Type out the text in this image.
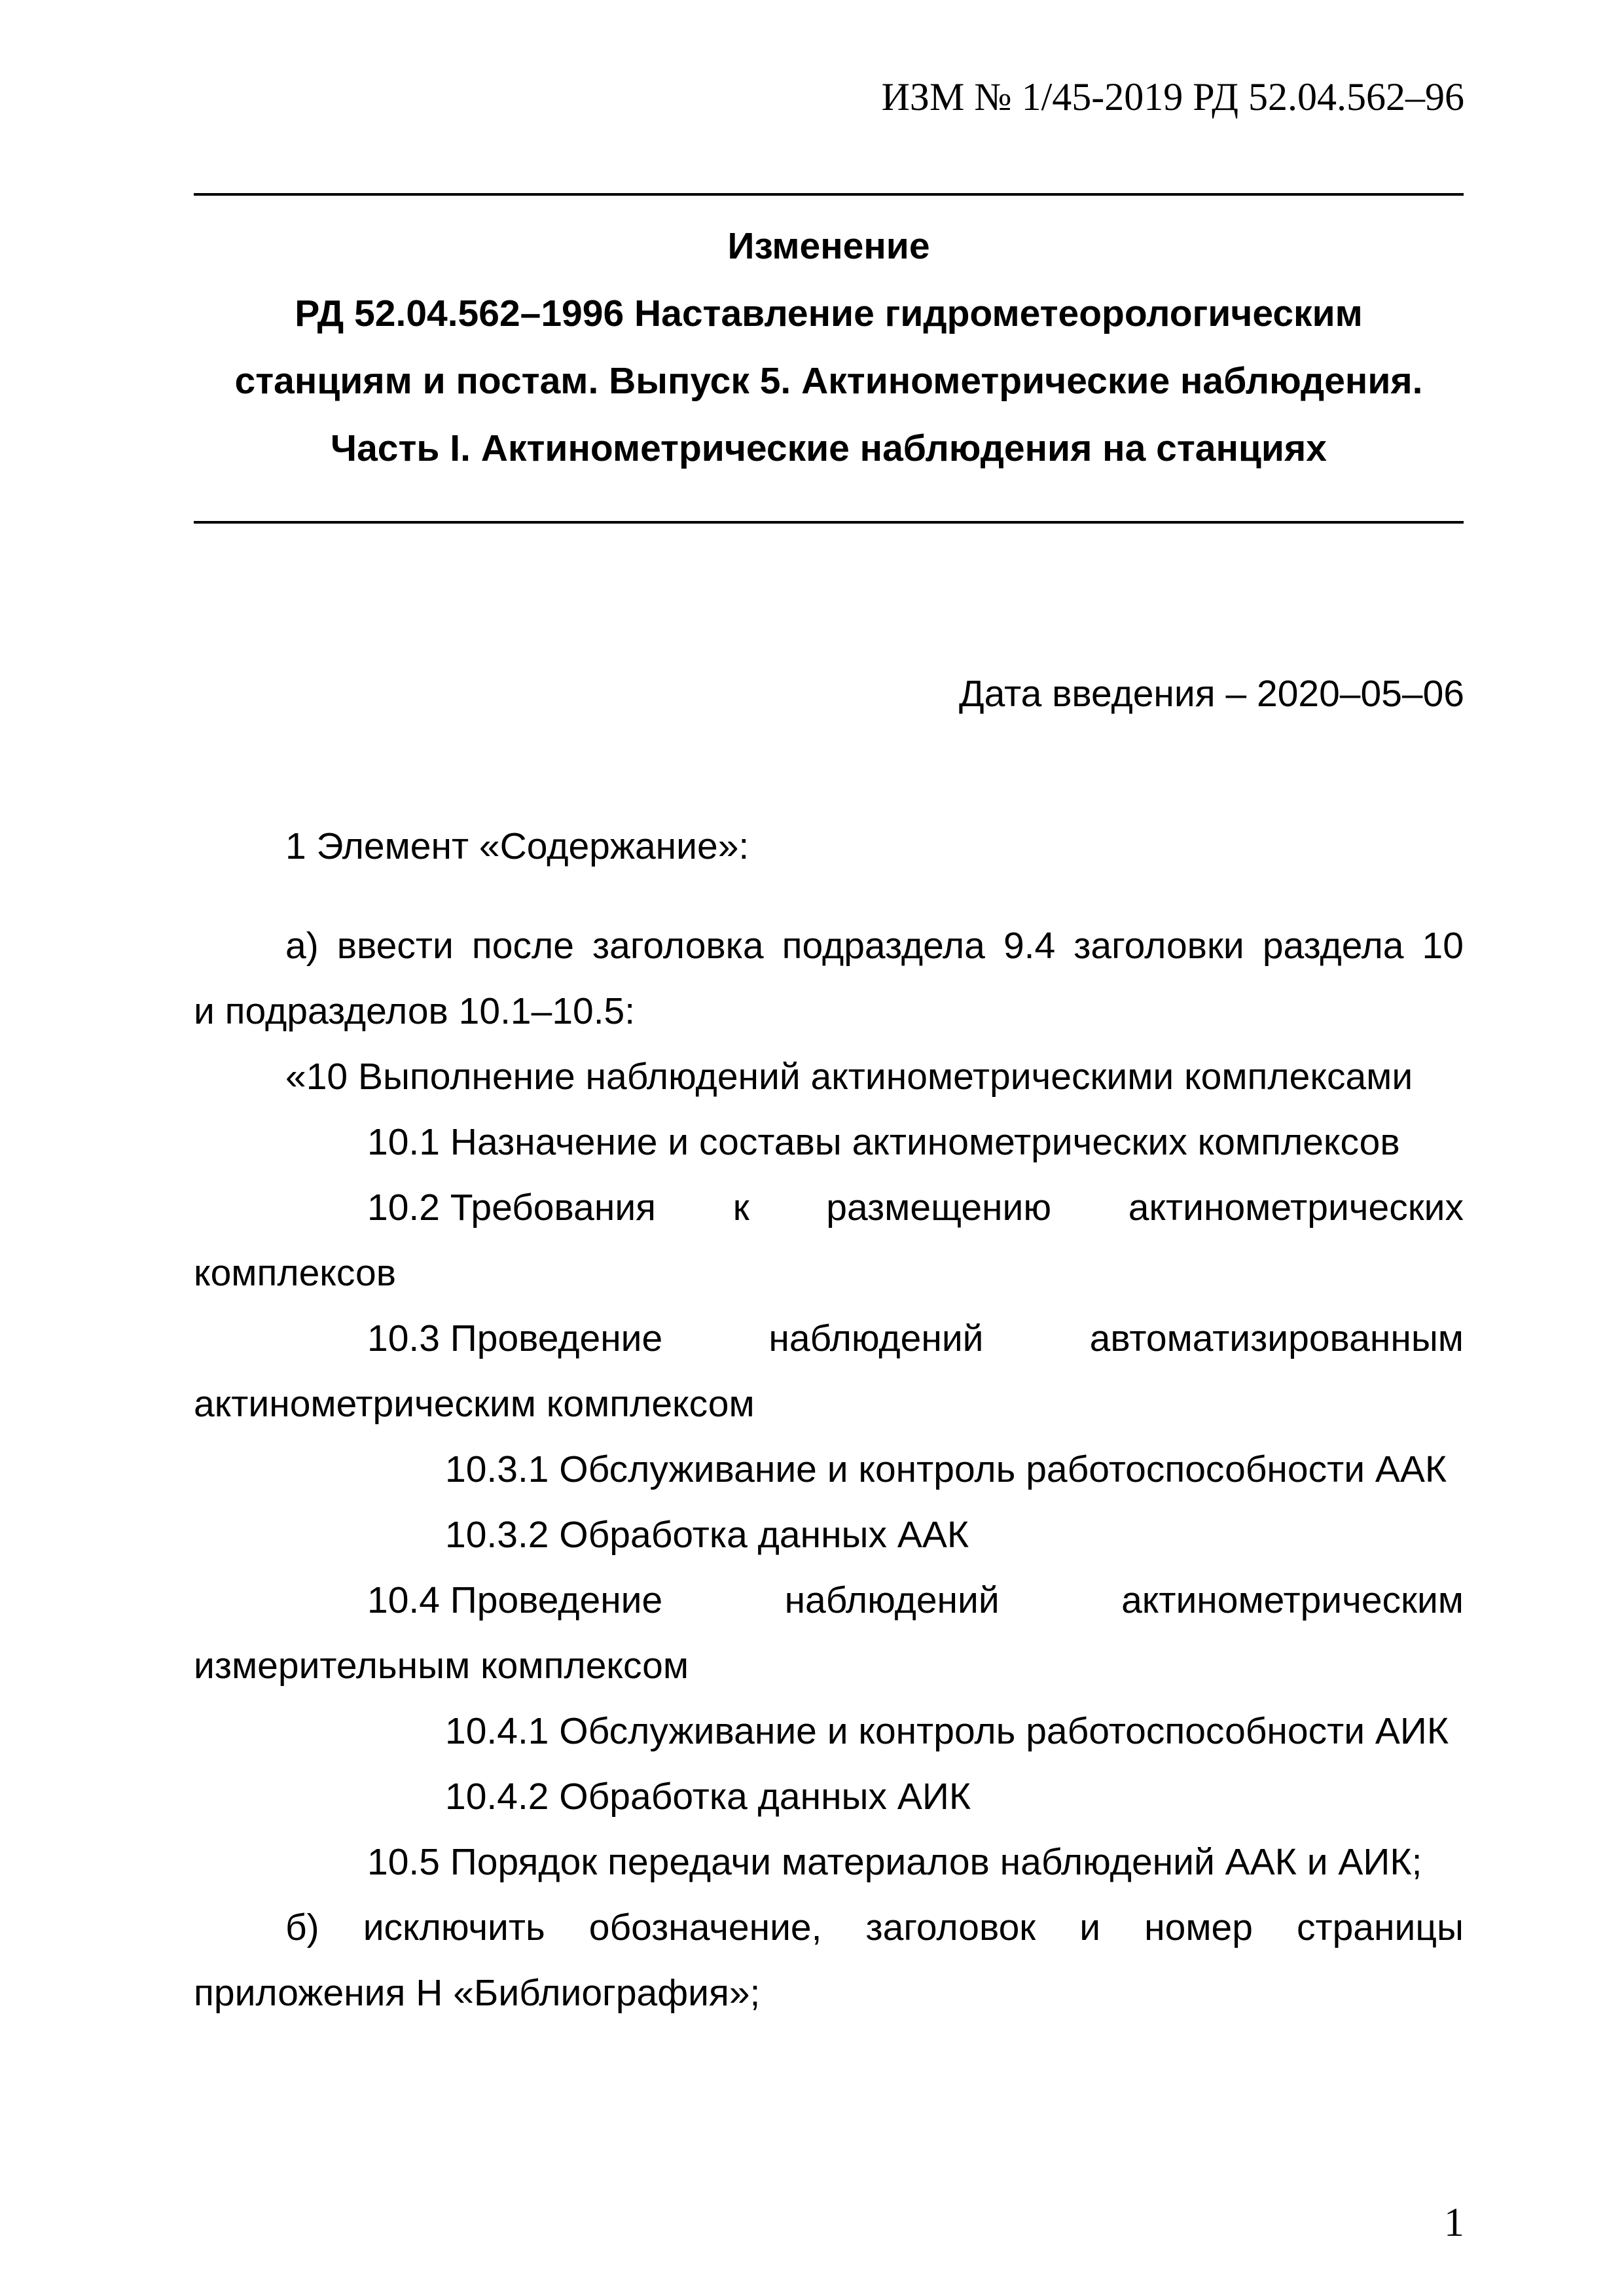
ИЗМ № 1/45-2019 РД 52.04.562–96
Изменение
РД 52.04.562–1996 Наставление гидрометеорологическим
станциям и постам. Выпуск 5. Актинометрические наблюдения.
Часть I. Актинометрические наблюдения на станциях
Дата введения – 2020–05–06
1 Элемент «Содержание»:
а) ввести после заголовка подраздела 9.4 заголовки раздела 10
и подразделов 10.1–10.5:
«10 Выполнение наблюдений актинометрическими комплексами
10.1 Назначение и составы актинометрических комплексов
10.2 Требования к размещению актинометрических
комплексов
10.3 Проведение	наблюдений	автоматизированным
актинометрическим комплексом
10.3.1 Обслуживание и контроль работоспособности ААК
10.3.2 Обработка данных ААК
10.4 Проведение	наблюдений	актинометрическим
измерительным комплексом
10.4.1 Обслуживание и контроль работоспособности АИК
10.4.2 Обработка данных АИК
10.5 Порядок передачи материалов наблюдений ААК и АИК;
б) исключить обозначение, заголовок и номер страницы
приложения Н «Библиография»;
1
